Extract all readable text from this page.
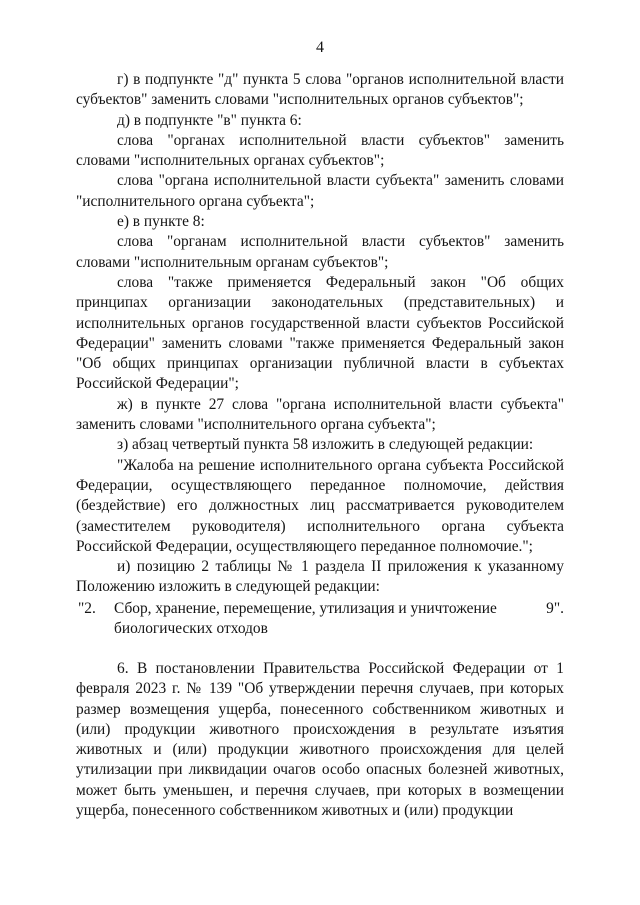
4

г) в подпункте "д" пункта 5 слова "органов исполнительной власти субъектов" заменить словами "исполнительных органов субъектов";

д) в подпункте "в" пункта 6:

слова "органах исполнительной власти субъектов" заменить словами "исполнительных органах субъектов";

слова "органа исполнительной власти субъекта" заменить словами "исполнительного органа субъекта";

е) в пункте 8:

слова "органам исполнительной власти субъектов" заменить словами "исполнительным органам субъектов";

слова "также применяется Федеральный закон "Об общих принципах организации законодательных (представительных) и исполнительных органов государственной власти субъектов Российской Федерации" заменить словами "также применяется Федеральный закон "Об общих принципах организации публичной власти в субъектах Российской Федерации";

ж) в пункте 27 слова "органа исполнительной власти субъекта" заменить словами "исполнительного органа субъекта";

з) абзац четвертый пункта 58 изложить в следующей редакции:

"Жалоба на решение исполнительного органа субъекта Российской Федерации, осуществляющего переданное полномочие, действия (бездействие) его должностных лиц рассматривается руководителем (заместителем руководителя) исполнительного органа субъекта Российской Федерации, осуществляющего переданное полномочие.";

и) позицию 2 таблицы № 1 раздела II приложения к указанному Положению изложить в следующей редакции:

"2. Сбор, хранение, перемещение, утилизация и уничтожение биологических отходов
9".

6. В постановлении Правительства Российской Федерации от 1 февраля 2023 г. № 139 "Об утверждении перечня случаев, при которых размер возмещения ущерба, понесенного собственником животных и (или) продукции животного происхождения в результате изъятия животных и (или) продукции животного происхождения для целей утилизации при ликвидации очагов особо опасных болезней животных, может быть уменьшен, и перечня случаев, при которых в возмещении ущерба, понесенного собственником животных и (или) продукции
